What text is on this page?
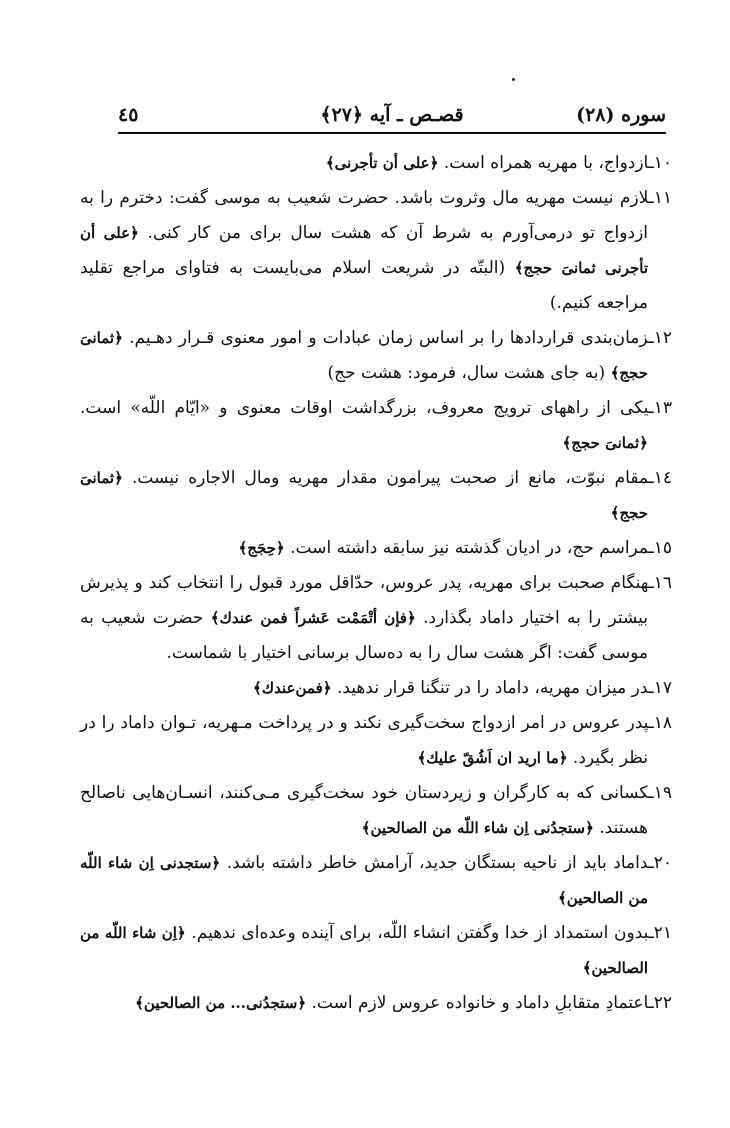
سوره (٢٨)
قصـص ـ آيه ﴿٢٧﴾
٤٥

١٠ـازدواج، با مهريه همراه است. ﴿على أن تأجرنى﴾

١١ـلازم نيست مهريه مال وثروت باشد. حضرت شعيب به موسى گفت: دخترم را به ازدواج تو درمى‌آورم به شرط آن كه هشت سال براى من كار كنى. ﴿على أن تأجرنى ثمانىَ حجج﴾ (البتّه در شريعت اسلام مى‌بايست به فتاواى مراجع تقليد مراجعه كنيم.)

١٢ـزمان‌بندى قراردادها را بر اساس زمان عبادات و امور معنوى قـرار دهـيم. ﴿ثمانىَ حجج﴾ (به جاى هشت سال، فرمود: هشت حج)

١٣ـيكى از راههاى ترويج معروف، بزرگداشت اوقات معنوى و «ايّام اللّه» است. ﴿ثمانىَ حجج﴾

١٤ـمقام نبوّت، مانع از صحبت پيرامون مقدار مهريه ومال الاجاره نيست. ﴿ثمانىَ حجج﴾

١٥ـمراسم حج، در اديان گذشته نيز سابقه داشته است. ﴿حِجَج﴾

١٦ـهنگام صحبت براى مهريه، پدر عروس، حدّاقل مورد قبول را انتخاب كند و پذيرش بيشتر را به اختيار داماد بگذارد. ﴿فإن أتْمَمْت عَشراً فمن عندك﴾ حضرت شعيب به موسى گفت: اگر هشت سال را به ده‌سال برسانى اختيار با شماست.

١٧ـدر ميزان مهريه، داماد را در تنگنا قرار ندهيد. ﴿فمن‌عندك﴾

١٨ـپدر عروس در امر ازدواج سخت‌گيرى نكند و در پرداخت مـهريه، تـوان داماد را در نظر بگيرد. ﴿ما اريد ان اَشُقّ عليك﴾

١٩ـكسانى كه به كارگران و زيردستان خود سخت‌گيرى مـى‌كنند، انسـان‌هايى ناصالح هستند. ﴿ستجدُنى اِن شاء اللّه من الصالحين﴾

٢٠ـداماد بايد از ناحيه بستگان جديد، آرامش خاطر داشته باشد. ﴿ستجدنى اِن شاء اللّه من الصالحين﴾

٢١ـبدون استمداد از خدا وگفتن انشاء اللّه، براى آينده وعده‌اى ندهيم. ﴿اِن شاء اللّه من الصالحين﴾

٢٢ـاعتمادِ متقابلِ داماد و خانواده عروس لازم است. ﴿ستجدُنى... من الصالحين﴾
